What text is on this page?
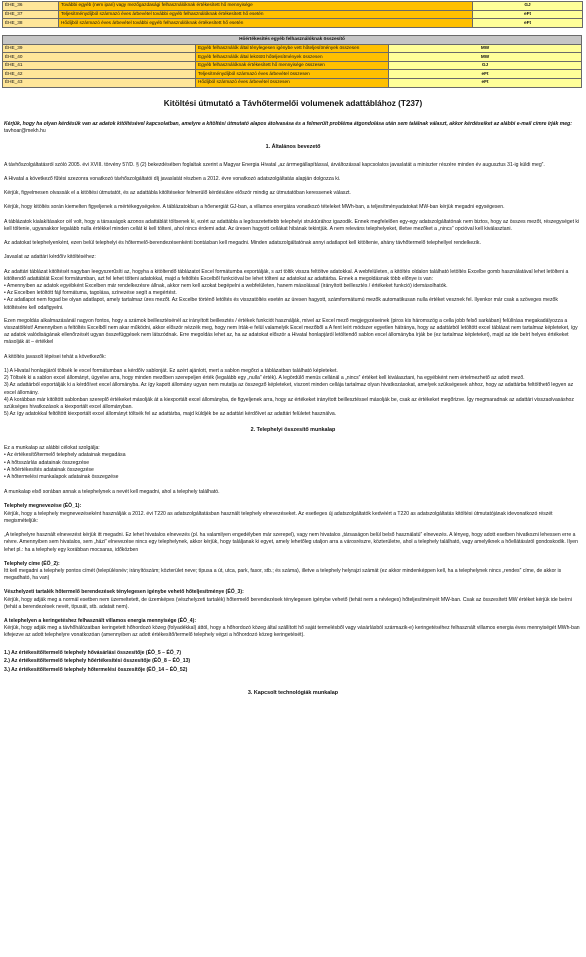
ÉHE_36	További egyéb (nem ipari) vagy mezőgazdasági felhasználóknak értékesített hő mennyisége	GJ
ÉHE_37	Teljesítménydíjból származó éves árbevétel további egyéb felhasználóknak értékesített hő esetén	eFt
ÉHE_38	Hődíjból származó éves árbevétel további egyéb felhasználóknak értékesített hő esetén	eFt
Hőértékesítés egyéb felhasználóknak összesítő		
ÉHE_39	Egyéb felhasználók által ténylegesen igénybe vett hőteljesítmények összesen	MW
ÉHE_40	Egyéb felhasználók által lekötött hőteljesítmények összesen	MW
ÉHE_41	Egyéb felhasználóknak értékesített hő mennyisége összesen	GJ
ÉHE_42	Teljesítménydíjból származó éves árbevétel összesen	eFt
ÉHE_43	Hődíjból származó éves árbevétel összesen	eFt
Kitöltési útmutató a Távhőtermelői volumenek adattáblához (T237)
Kérjük, hogy ha olyan kérdésük van az adatok kitöltésével kapcsolatban, amelyre a kitöltési útmutató alapos átolvasása és a felmerült probléma átgondolása után sem találnak választ, akkor kérdéseiket az alábbi e-mail címre írják meg:
tavhoar@mekh.hu
1. Általános bevezető
A távhőszolgáltatásról szóló 2005. évi XVIII. törvény 57/D. § (2) bekezdésében foglaltak szerint a Magyar Energia Hivatal „az árrmegállapítással, árváltozással kapcsolatos javaslatát a miniszter részére minden év augusztus 31-ig küldi meg”.
A Hivatal a következő fűtési szezonra vonatkozó távhőszolgáltatói díj javaslatát részben a 2012. évre vonatkozó adatszolgáltatás alapján dolgozza ki.
Kérjük, figyelmesen olvassák el a kitöltési útmutatót, és az adattábla kitöltésekor felmerülő kérdésükre először mindig az útmutatóban keressenek választ.
Kérjük, hogy kitöltés során kiemelten figyeljenek a mértékegységekre. A táblázatokban a hőenergiát GJ-ban, a villamos energiára vonatkozó tételeket MWh-ban, a teljesítményadatokat MW-ban kérjük megadni egységesen.
A táblázatok kialakításakor cél volt, hogy a társaságok azonos adattáblát töltsenek ki, ezért az adattábla a legösszetettebb telephelyi struktúrához igazodik. Ennek megfelelően egy-egy adatszolgáltatónak nem biztos, hogy az összes mezőt, részegységet ki kell töltenie, ugyanakkor legalább nulla értékkel minden cellát ki kell tölteni, ahol nincs érdemi adat. Az üresen hagyott cellákat hibának tekintjük. A nem releváns telephelyeket, illetve mezőket a „nincs” opcióval kell kiválasztani.
Az adatokat telephelyenként, ezen belül telephelyi és hőtermelő-berendezésenkénti bontásban kell megadni. Minden adatszolgáltatónak annyi adatlapot kell kitöltenie, ahány távhőtermelő telephellyel rendelkezik.
Javaslat az adattári kérdőív kitöltéséhez:
Az adattári táblázat kitöltését nagyban leegyszerűsíti az, hogyha a kitöltendő táblázatot Excel formátumba exportálják, s azt töltik vissza feltöltve adatokkal. A webfelületen, a kitöltés oldalon található letöltés Excelbe gomb használatával lehet letölteni a kitöltendő adattáblát Excel formátumban, azt fel lehet tölteni adatokkal, majd a feltöltés Excelből funkcióval be lehet tölteni az adatokat az adattárba. Ennek a megoldásnak több előnye is van:
• Amennyiben az adatok egyébként Excelben már rendelkezésre állnak, akkor nem kell azokat begépelni a webfelületen, hanem másolással (irányított beillesztés / értékeket funkció) idemásolhatók.
• Az Excelben letöltött fájl formátuma, tagolása, színezése segít a megértést.
• Az adatlapot nem fogad be olyan adatlapot, amely tartalmaz üres mezőt. Az Excelbe történő letöltés és visszatöltés esetén az üresen hagyott, számformátumú mezők automatikusan nulla értéket vesznek fel. Ilyenkor már csak a szöveges mezők kitöltésére kell odafigyelni.
Ezen megoldás alkalmazásánál nagyon fontos, hogy a számok beillesztésénél az irányított beillesztés / értékek funkciót használják, mivel az Excel mező megjegyzéseinek (piros kis háromszög a cella jobb felső sarkában) felülírása megakadályozza a visszatöltést! Amennyiben a feltöltés Excelből nem akar működni, akkor először nézzék meg, hogy nem írták-e felül valamelyik Excel mezőből a A fent leírt módszer egyetlen hátránya, hogy az adattárból letöltött excel táblázat nem tartalmaz képleteket, így az adatok valódiságának ellenőrzését ugyan összefüggések nem látszódnak. Erre megoldás lehet az, ha az adatokat először a Hivatal honlapjáról letöltendő sablon excel állományba írják be (ez tartalmaz képleteket), majd az ide beírt helyes értékeket másolják át – értékkel
A kitöltés javasolt lépései tehát a következők:
1) A Hivatal honlapjáról töltsék le excel formátumban a kérdőív sablonját. Ez azért ajánlott, mert a sablon megőrzi a táblázatban található képleteket.
2) Töltsék ki a sablon excel állományt, ügyelve arra, hogy minden mezőben szerepeljen érték (legalább egy „nulla” érték). A legördülő menüs cellánál a „nincs” értéket kell kiválasztani, ha egyébként nem értelmezhető az adott mező.
3) Az adattárból exportálják ki a kérdőívet excel állományba. Az így kapott állomány ugyan nem mutatja az összegző képleteket, viszont minden cellája tartalmaz olyan hivatkozásokat, amelyek szükségesek ahhoz, hogy az adattárba feltölthető legyen az excel állomány.
4) A korábban már kitöltött sablonban szereplő értékeket másolják át a kiexportált excel állományba, de figyeljenek arra, hogy az értékeket irányított beillesztéssel másolják be, csak az értékeket megőrizve. Így megmaradnak az adattári visszaolvasáshoz szükséges hivatkozások a kiexportált excel állományban.
5) Az így adatokkal feltöltött kiexportált excel állományt töltsék fel az adattárba, majd küldjék be az adattári kérdőívet az adattári felületet használva.
2. Telephelyi összesítő munkalap
Ez a munkalap az alábbi célokat szolgálja:
• Az értékesítő/termelő telephely adatainak megadása
• A hőtsszárlás adatainak összegzése
• A hőértékesítés adatainak összegzése
• A hőtermelési munkalapok adatainak összegzése
A munkalap első sorában annak a telephelynek a nevét kell megadni, ahol a telephely található.
Telephely megnevezése (ÉÖ_1):
Kérjük, hogy a telephely megnevezéseként használják a 2012. évi T220 as adatszolgáltatásban használt telephely elnevezéseket. Az esetleges új adatszolgáltatók kedvéért a T220 as adatszolgáltatás kitöltési útmutatójának idevonatkozó részét megismételjük:
„A telephelyre használt elnevezést kérjük itt megadni. Ez lehet hivatalos elnevezés (pl. ha valamilyen engedélyben már szerepel), vagy nem hivatalos „társaságon belül belső használatú” elnevezés. A lényeg, hogy adott esetben hivatkozni lehessen erre a névre. Amennyiben sem hivatalos, sem „házi” elnevezése nincs egy telephelynek, akkor kérjük, hogy találjanak ki egyet, amely lehetőleg utaljon arra a városrészre, közterületre, ahol a telephely található, vagy amelyiknek a hőellátásáról gondoskodik. Ilyen lehet pl.: ha a telephely egy korábban mocsaras, időközben
Telephely címe (ÉÖ_2):
Itt kell megadni a telephely pontos címét (településnév; irányítószám; közterület neve; típusa a út, utca, park, fasor, stb.; és száma), illetve a telephely helyrajzi számát (ez akkor mindenképpen kell, ha a telephelynek nincs „rendes” címe, de akkor is megadható, ha van)
Vészhelyzeti tartalék hőtermelő berendezések ténylegesen igénybe vehető hőteljesítménye (ÉÖ_3):
Kérjük, hogy adják meg a normál esetben nem üzemeltetett, de üzemképes (vészhelyzeti tartalék) hőtermelő berendezések ténylegesen igénybe vehető (tehát nem a névleges) hőteljesítményét MW-ban. Csak az összesített MW értéket kérjük ide beírni (tehát a berendezések nevét, típusát, stb. adatait nem).
A telephelyen a keringetéshez felhasznált villamos energia mennyisége (ÉÖ_4):
Kérjük, hogy adják meg a távhőhálózatban keringetett hőhordozó közeg (folyadékkal) áttól, hogy a hőhordozó közeg által szállított hő saját termelésből vagy vásárlásból származik-e) keringetéséhez felhasznált villamos energia éves mennyiségét MWh-ban kifejezve az adott telephelyre vonatkozóan (amennyiben az adott értékesítő/termelő telephely végzi a hőhordozó közeg keringetését).
1.) Az értékesítő/termelő telephely hővásárlási összesítője (ÉÖ_5 – ÉÖ_7)
2.) Az értékesítő/termelő telephely hőértékesítési összesítője (ÉÖ_8 – ÉÖ_13)
3.) Az értékesítő/termelő telephely hőtermelési összesítője (ÉÖ_14 – ÉÖ_52)
3. Kapcsolt technológiák munkalap
